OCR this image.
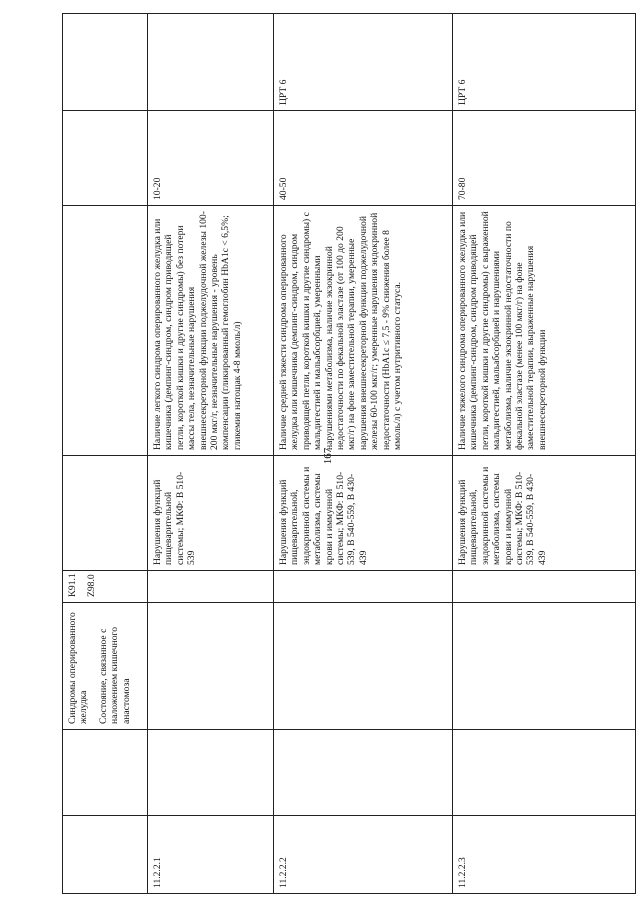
167

		Синдромы оперированного желудка Состояние, связанное с наложением кишечного анастомоза	K91.1 Z98.0				

11.2.2.1				Нарушения функций пищеварительной системы; МКФ: В 510-539	Наличие легкого синдрома оперированного желудка или кишечника (демпинг-синдром, синдром приводящей петли, короткой кишки и другие синдромы) без потери массы тела, незначительные нарушения внешнесекреторной функции поджелудочной железы 100-200 мкг/г, незначительные нарушения - уровень компенсации (гликированный гемоглобин HbA1c < 6,5%; гликемия натощак 4-8 ммоль/л)	10-20	
11.2.2.2				Нарушения функций пищеварительной, эндокринной системы и метаболизма, системы крови и иммунной системы; МКФ: В 510-539, В 540-559, В 430-439	Наличие средней тяжести синдрома оперированного желудка или кишечника (демпинг-синдром, синдром приводящей петли, короткой кишки и другие синдромы) с мальдигестией и мальабсорбцией, умеренными нарушениями метаболизма, наличие экзокринной недостаточности по фекальной эластазе (от 100 до 200 мкг/г) на фоне заместительной терапии, умеренные нарушения внешнесекреторной функции поджелудочной железы 60-100 мкг/г; умеренные нарушения эндокринной недостаточности (HbA1c ≤ 7,5 - 9% снижения более 8 ммоль/л) с учетом нутритивного статуса.	40-50	ЦРТ 6
11.2.2.3				Нарушения функций пищеварительной, эндокринной системы и метаболизма, системы крови и иммунной системы; МКФ: В 510-539, В 540-559, В 430-439	Наличие тяжелого синдрома оперированного желудка или кишечника (демпинг-синдром, синдром приводящей петли, короткой кишки и другие синдромы) с выраженной мальдигестией, мальабсорбцией и нарушениями метаболизма, наличие экзокринной недостаточности по фекальной эластазе (менее 100 мкг/г) на фоне заместительной терапии, выраженные нарушения внешнесекреторной функции	70-80	ЦРТ 6
